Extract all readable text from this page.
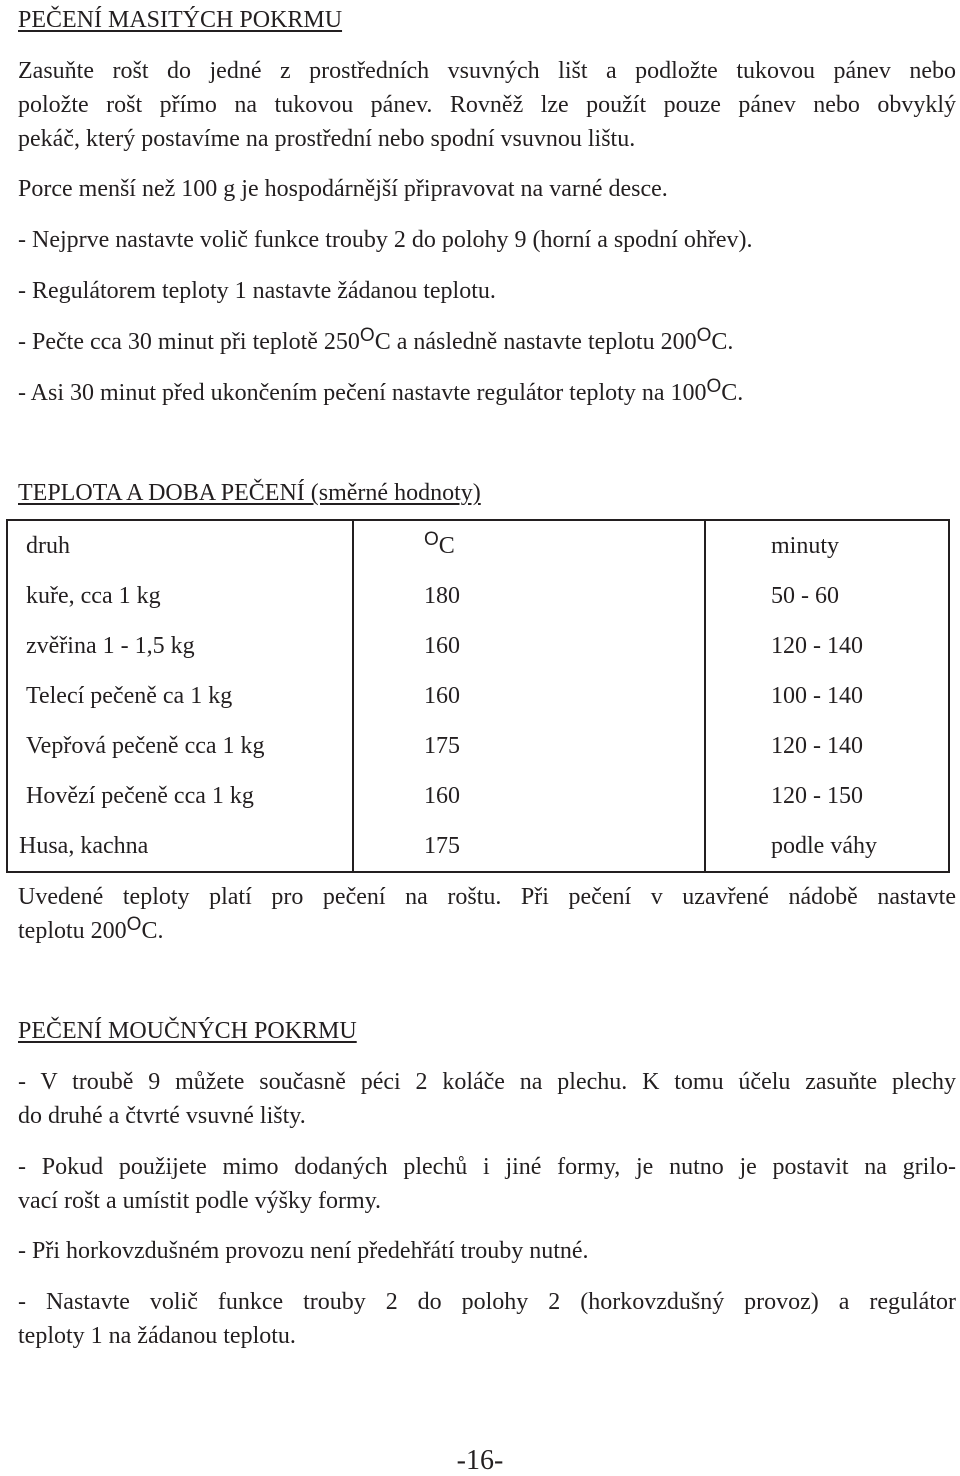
PEČENÍ MASITÝCH POKRMU
Zasuňte rošt do jedné z prostředních vsuvných lišt a podložte tukovou pánev nebo
položte rošt přímo na tukovou pánev. Rovněž lze použít pouze pánev nebo obvyklý
pekáč, který postavíme na prostřední nebo spodní vsuvnou lištu.
Porce menší než 100 g je hospodárnější připravovat na varné desce.
- Nejprve nastavte volič funkce trouby 2 do polohy 9 (horní a spodní ohřev).
- Regulátorem teploty 1 nastavte žádanou teplotu.
- Pečte cca 30 minut při teplotě $250^OC$ a následně nastavte teplotu $200^OC$.
- Asi 30 minut před ukončením pečení nastavte regulátor teploty na $100^OC$.
TEPLOTA A DOBA PEČENÍ (směrné hodnoty)
druh	$^O$C	minuty
kuře, cca 1 kg	180	50 - 60
zvěřina 1 - 1,5 kg	160	120 - 140
Telecí pečeně ca 1 kg	160	100 - 140
Vepřová pečeně cca 1 kg	175	120 - 140
Hovězí pečeně cca 1 kg	160	120 - 150
Husa, kachna	175	podle váhy
Uvedené teploty platí pro pečení na roštu. Při pečení v uzavřené nádobě nastavte
teplotu $200^OC$.
PEČENÍ MOUČNÝCH POKRMU
- V troubě 9 můžete současně péci 2 koláče na plechu. K tomu účelu zasuňte plechy
do druhé a čtvrté vsuvné lišty.
- Pokud použijete mimo dodaných plechů i jiné formy, je nutno je postavit na grilo-
vací rošt a umístit podle výšky formy.
- Při horkovzdušném provozu není předehřátí trouby nutné.
- Nastavte volič funkce trouby 2 do polohy 2 (horkovzdušný provoz) a regulátor
teploty 1 na žádanou teplotu.
-16-
